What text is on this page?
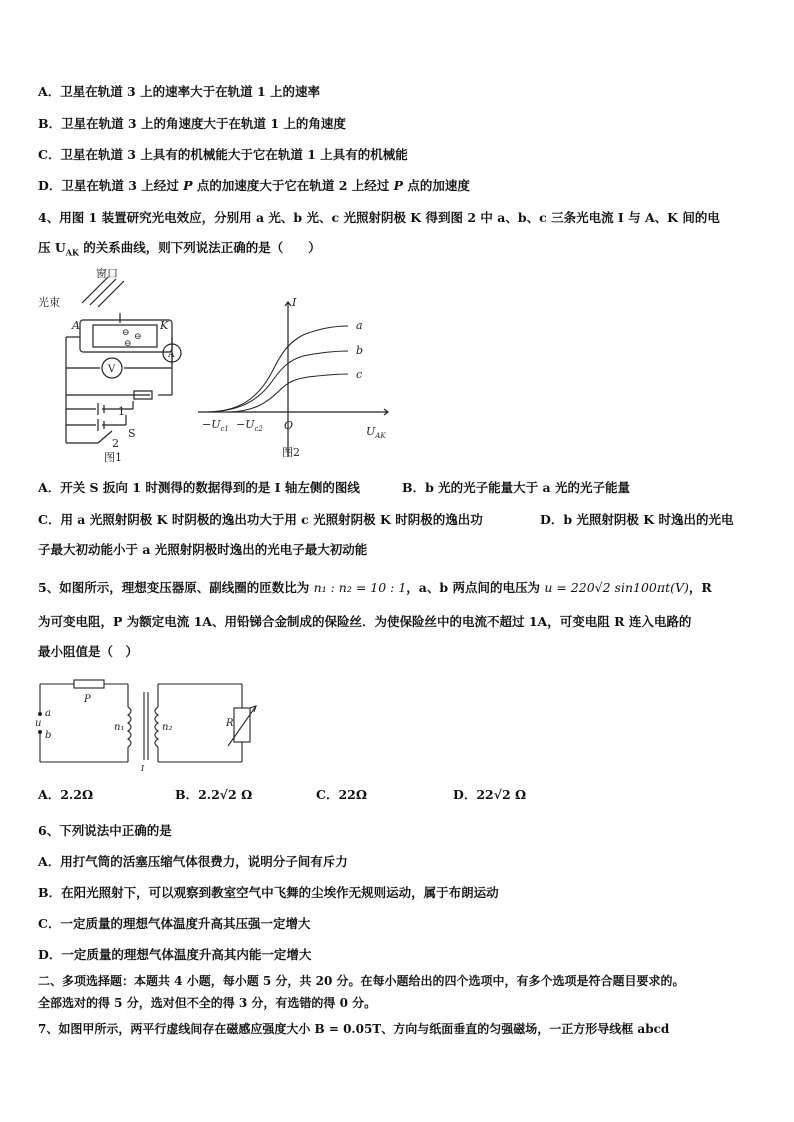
A．卫星在轨道 3 上的速率大于在轨道 1 上的速率
B．卫星在轨道 3 上的角速度大于在轨道 1 上的角速度
C．卫星在轨道 3 上具有的机械能大于它在轨道 1 上具有的机械能
D．卫星在轨道 3 上经过 P 点的加速度大于它在轨道 2 上经过 P 点的加速度
4、用图 1 装置研究光电效应，分别用 a 光、b 光、c 光照射阴极 K 得到图 2 中 a、b、c 三条光电流 I 与 A、K 间的电
压 $U_{AK}$ 的关系曲线，则下列说法正确的是（　　）
窗口
光束
A	K
V
A
1
2
S
图1
⊖ ⊖
⊖
I
a
b
c
$-U_{c1} -U_{c2}$ O	$U_{AK}$
图2
A．开关 S 扳向 1 时测得的数据得到的是 I 轴左侧的图线	B．b 光的光子能量大于 a 光的光子能量
C．用 a 光照射阴极 K 时阴极的逸出功大于用 c 光照射阴极 K 时阴极的逸出功	D．b 光照射阴极 K 时逸出的光电
子最大初动能小于 a 光照射阴极时逸出的光电子最大初动能
5、如图所示，理想变压器原、副线圈的匝数比为 n₁ : n₂ = 10 : 1，a、b 两点间的电压为 u = 220√2 sin100πt(V)，R
为可变电阻，P 为额定电流 1A、用铅锑合金制成的保险丝．为使保险丝中的电流不超过 1A，可变电阻 R 连入电路的
最小阻值是（　）
P
a
u
b
n₁	n₂	R
I
A．2.2Ω	B．2.2√2 Ω	C．22Ω	D．22√2 Ω
6、下列说法中正确的是
A．用打气筒的活塞压缩气体很费力，说明分子间有斥力
B．在阳光照射下，可以观察到教室空气中飞舞的尘埃作无规则运动，属于布朗运动
C．一定质量的理想气体温度升高其压强一定增大
D．一定质量的理想气体温度升高其内能一定增大
二、多项选择题：本题共 4 小题，每小题 5 分，共 20 分。在每小题给出的四个选项中，有多个选项是符合题目要求的。
全部选对的得 5 分，选对但不全的得 3 分，有选错的得 0 分。
7、如图甲所示，两平行虚线间存在磁感应强度大小 B = 0.05T、方向与纸面垂直的匀强磁场，一正方形导线框 abcd
